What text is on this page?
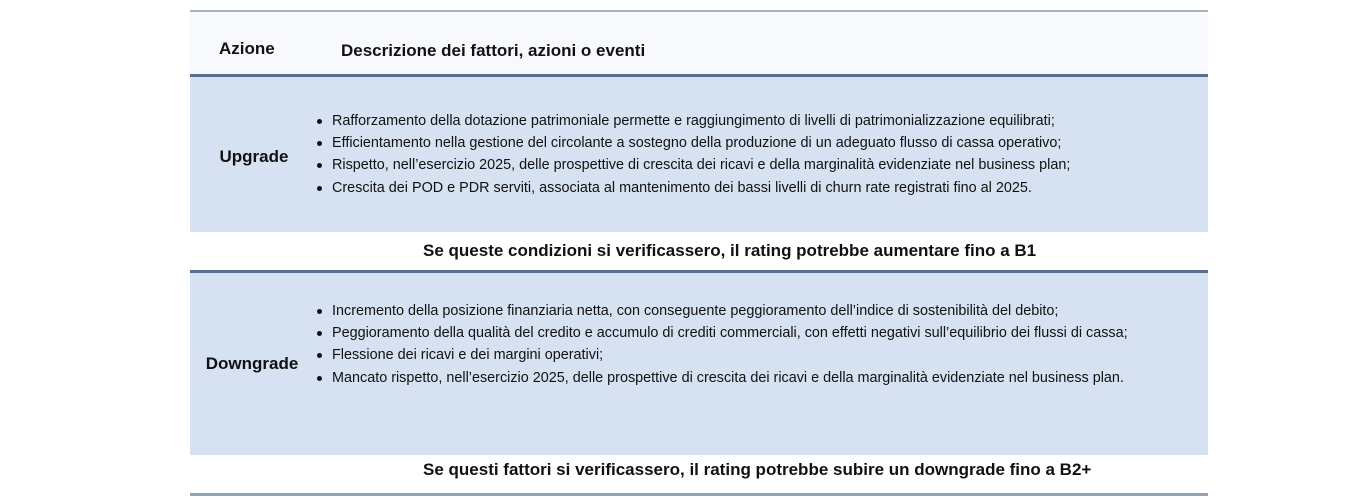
Azione	Descrizione dei fattori, azioni o eventi
Upgrade
Rafforzamento della dotazione patrimoniale permette e raggiungimento di livelli di patrimonializzazione equilibrati;
Efficientamento nella gestione del circolante a sostegno della produzione di un adeguato flusso di cassa operativo;
Rispetto, nell’esercizio 2025, delle prospettive di crescita dei ricavi e della marginalità evidenziate nel business plan;
Crescita dei POD e PDR serviti, associata al mantenimento dei bassi livelli di churn rate registrati fino al 2025.
Se queste condizioni si verificassero, il rating potrebbe aumentare fino a B1
Downgrade
Incremento della posizione finanziaria netta, con conseguente peggioramento dell’indice di sostenibilità del debito;
Peggioramento della qualità del credito e accumulo di crediti commerciali, con effetti negativi sull’equilibrio dei flussi di cassa;
Flessione dei ricavi e dei margini operativi;
Mancato rispetto, nell’esercizio 2025, delle prospettive di crescita dei ricavi e della marginalità evidenziate nel business plan.
Se questi fattori si verificassero, il rating potrebbe subire un downgrade fino a B2+
